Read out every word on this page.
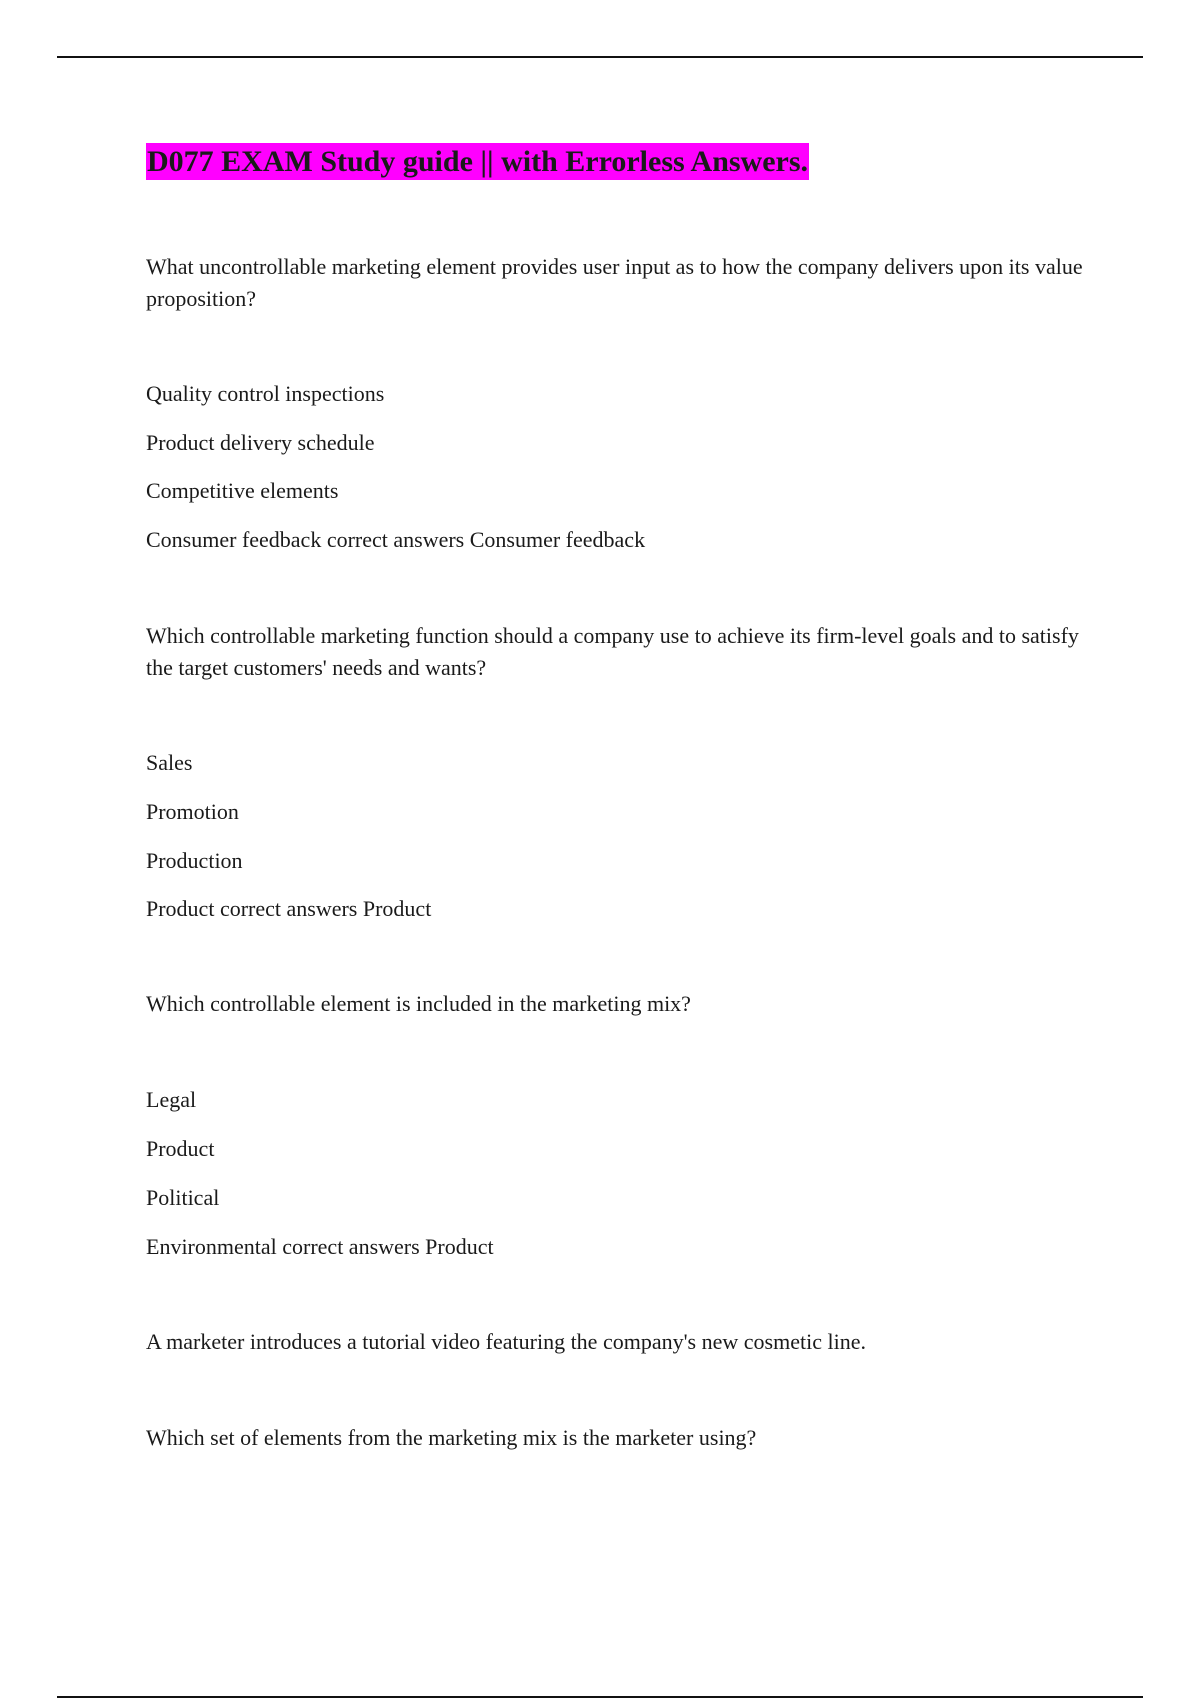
D077 EXAM Study guide || with Errorless Answers.

What uncontrollable marketing element provides user input as to how the company delivers upon its value proposition?

Quality control inspections

Product delivery schedule

Competitive elements

Consumer feedback correct answers Consumer feedback

Which controllable marketing function should a company use to achieve its firm-level goals and to satisfy the target customers' needs and wants?

Sales

Promotion

Production

Product correct answers Product

Which controllable element is included in the marketing mix?

Legal

Product

Political

Environmental correct answers Product

A marketer introduces a tutorial video featuring the company's new cosmetic line.

Which set of elements from the marketing mix is the marketer using?
